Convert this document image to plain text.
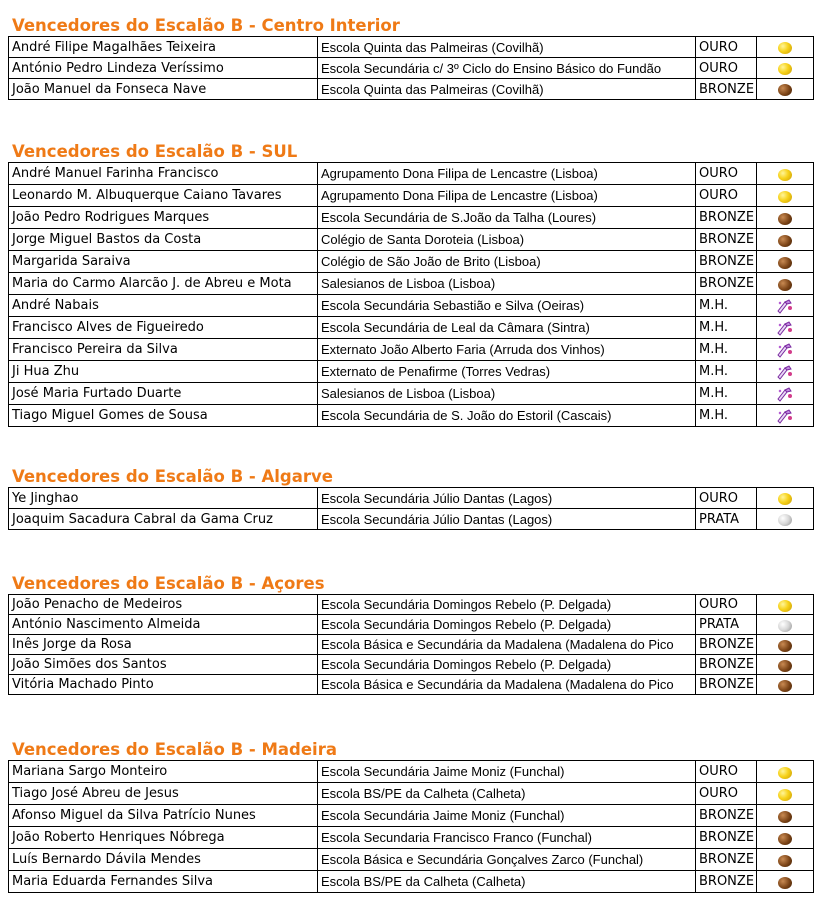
Vencedores do Escalão B - Centro Interior
André Filipe Magalhães Teixeira	Escola Quinta das Palmeiras (Covilhã)	OURO	
António Pedro Lindeza Veríssimo	Escola Secundária c/ 3º Ciclo do Ensino Básico do Fundão	OURO	
João Manuel da Fonseca Nave	Escola Quinta das Palmeiras (Covilhã)	BRONZE	
Vencedores do Escalão B - SUL
André Manuel Farinha Francisco	Agrupamento Dona Filipa de Lencastre (Lisboa)	OURO	
Leonardo M. Albuquerque Caiano Tavares	Agrupamento Dona Filipa de Lencastre (Lisboa)	OURO	
João Pedro Rodrigues Marques	Escola Secundária de S.João da Talha (Loures)	BRONZE	
Jorge Miguel Bastos da Costa	Colégio de Santa Doroteia (Lisboa)	BRONZE	
Margarida Saraiva	Colégio de São João de Brito (Lisboa)	BRONZE	
Maria do Carmo Alarcão J. de Abreu e Mota	Salesianos de Lisboa (Lisboa)	BRONZE	
André Nabais	Escola Secundária Sebastião e Silva (Oeiras)	M.H.	
Francisco Alves de Figueiredo	Escola Secundária de Leal da Câmara (Sintra)	M.H.	
Francisco Pereira da Silva	Externato João Alberto Faria (Arruda dos Vinhos)	M.H.	
Ji Hua Zhu	Externato de Penafirme (Torres Vedras)	M.H.	
José Maria Furtado Duarte	Salesianos de Lisboa (Lisboa)	M.H.	
Tiago Miguel Gomes de Sousa	Escola Secundária de S. João do Estoril (Cascais)	M.H.	
Vencedores do Escalão B - Algarve
Ye Jinghao	Escola Secundária Júlio Dantas (Lagos)	OURO	
Joaquim Sacadura Cabral da Gama Cruz	Escola Secundária Júlio Dantas (Lagos)	PRATA	
Vencedores do Escalão B - Açores
João Penacho de Medeiros	Escola Secundária Domingos Rebelo (P. Delgada)	OURO	
António Nascimento Almeida	Escola Secundária Domingos Rebelo (P. Delgada)	PRATA	
Inês Jorge da Rosa	Escola Básica e Secundária da Madalena (Madalena do Pico	BRONZE	
João Simões dos Santos	Escola Secundária Domingos Rebelo (P. Delgada)	BRONZE	
Vitória Machado Pinto	Escola Básica e Secundária da Madalena (Madalena do Pico	BRONZE	
Vencedores do Escalão B - Madeira
Mariana Sargo Monteiro	Escola Secundária Jaime Moniz (Funchal)	OURO	
Tiago José Abreu de Jesus	Escola BS/PE da Calheta (Calheta)	OURO	
Afonso Miguel da Silva Patrício Nunes	Escola Secundária Jaime Moniz (Funchal)	BRONZE	
João Roberto Henriques Nóbrega	Escola Secundaria Francisco Franco (Funchal)	BRONZE	
Luís Bernardo Dávila Mendes	Escola Básica e Secundária Gonçalves Zarco (Funchal)	BRONZE	
Maria Eduarda Fernandes Silva	Escola BS/PE da Calheta (Calheta)	BRONZE	
